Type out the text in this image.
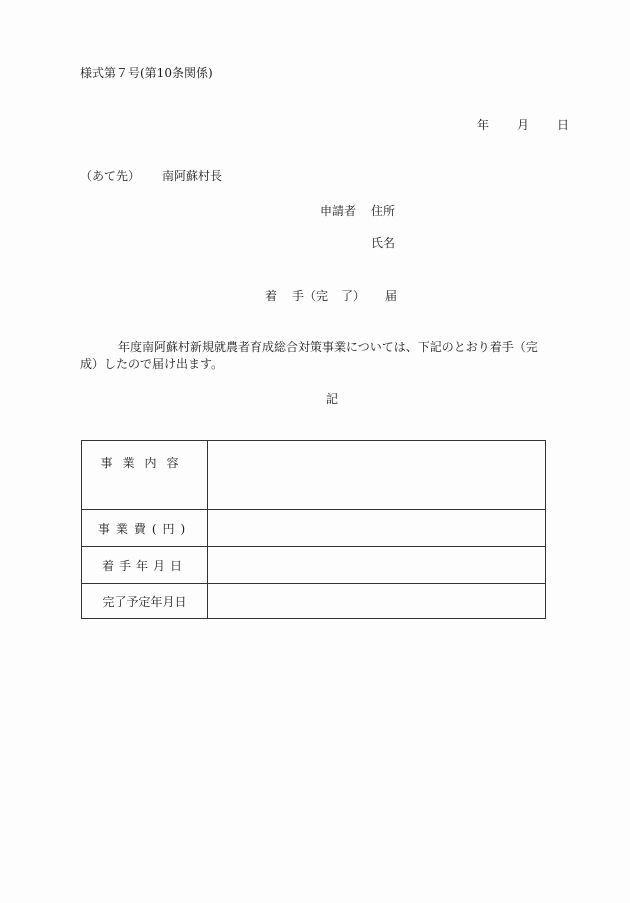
様式第７号(第10条関係)
年 月 日
（あて先） 南阿蘇村長
申請者 住所
氏名
着 手（完 了） 届
年度南阿蘇村新規就農者育成総合対策事業については、下記のとおり着手（完
成）したので届け出ます。
記
事業内容	
事業費(円)	
着手年月日	
完了予定年月日	
